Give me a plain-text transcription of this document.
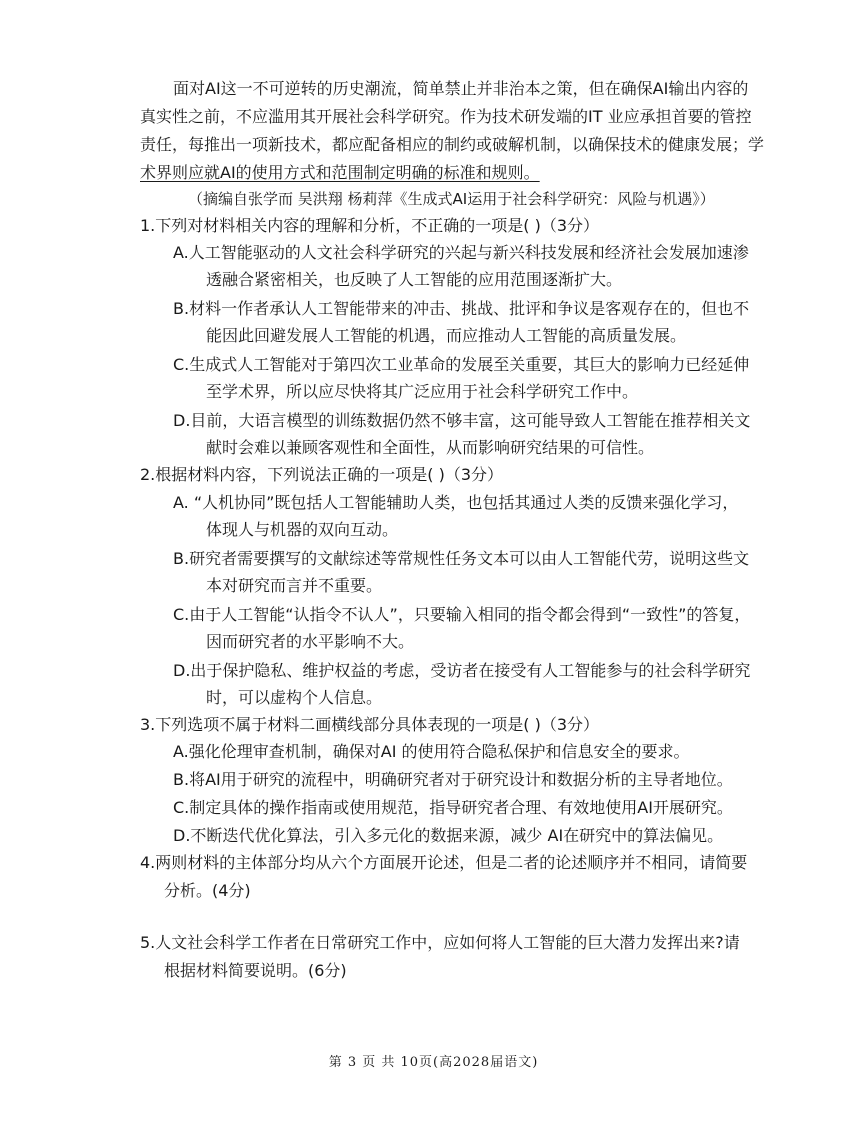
面对AI这一不可逆转的历史潮流，简单禁止并非治本之策，但在确保AI输出内容的
真实性之前，不应滥用其开展社会科学研究。作为技术研发端的IT 业应承担首要的管控
责任，每推出一项新技术，都应配备相应的制约或破解机制，以确保技术的健康发展；学
术界则应就AI的使用方式和范围制定明确的标准和规则。
（摘编自张学而 吴洪翔 杨莉萍《生成式AI运用于社会科学研究：风险与机遇》）
1.下列对材料相关内容的理解和分析，不正确的一项是( )（3分）
A.人工智能驱动的人文社会科学研究的兴起与新兴科技发展和经济社会发展加速渗
透融合紧密相关，也反映了人工智能的应用范围逐渐扩大。
B.材料一作者承认人工智能带来的冲击、挑战、批评和争议是客观存在的，但也不
能因此回避发展人工智能的机遇，而应推动人工智能的高质量发展。
C.生成式人工智能对于第四次工业革命的发展至关重要，其巨大的影响力已经延伸
至学术界，所以应尽快将其广泛应用于社会科学研究工作中。
D.目前，大语言模型的训练数据仍然不够丰富，这可能导致人工智能在推荐相关文
献时会难以兼顾客观性和全面性，从而影响研究结果的可信性。
2.根据材料内容，下列说法正确的一项是( )（3分）
A. “人机协同”既包括人工智能辅助人类，也包括其通过人类的反馈来强化学习，
体现人与机器的双向互动。
B.研究者需要撰写的文献综述等常规性任务文本可以由人工智能代劳，说明这些文
本对研究而言并不重要。
C.由于人工智能“认指令不认人”，只要输入相同的指令都会得到“一致性”的答复，
因而研究者的水平影响不大。
D.出于保护隐私、维护权益的考虑，受访者在接受有人工智能参与的社会科学研究
时，可以虚构个人信息。
3.下列选项不属于材料二画横线部分具体表现的一项是( )（3分）
A.强化伦理审查机制，确保对AI 的使用符合隐私保护和信息安全的要求。
B.将AI用于研究的流程中，明确研究者对于研究设计和数据分析的主导者地位。
C.制定具体的操作指南或使用规范，指导研究者合理、有效地使用AI开展研究。
D.不断迭代优化算法，引入多元化的数据来源，减少 AI在研究中的算法偏见。
4.两则材料的主体部分均从六个方面展开论述，但是二者的论述顺序并不相同，请简要
分析。(4分)
5.人文社会科学工作者在日常研究工作中，应如何将人工智能的巨大潜力发挥出来?请
根据材料简要说明。(6分)
第 3 页 共 10页(高2028届语文)
